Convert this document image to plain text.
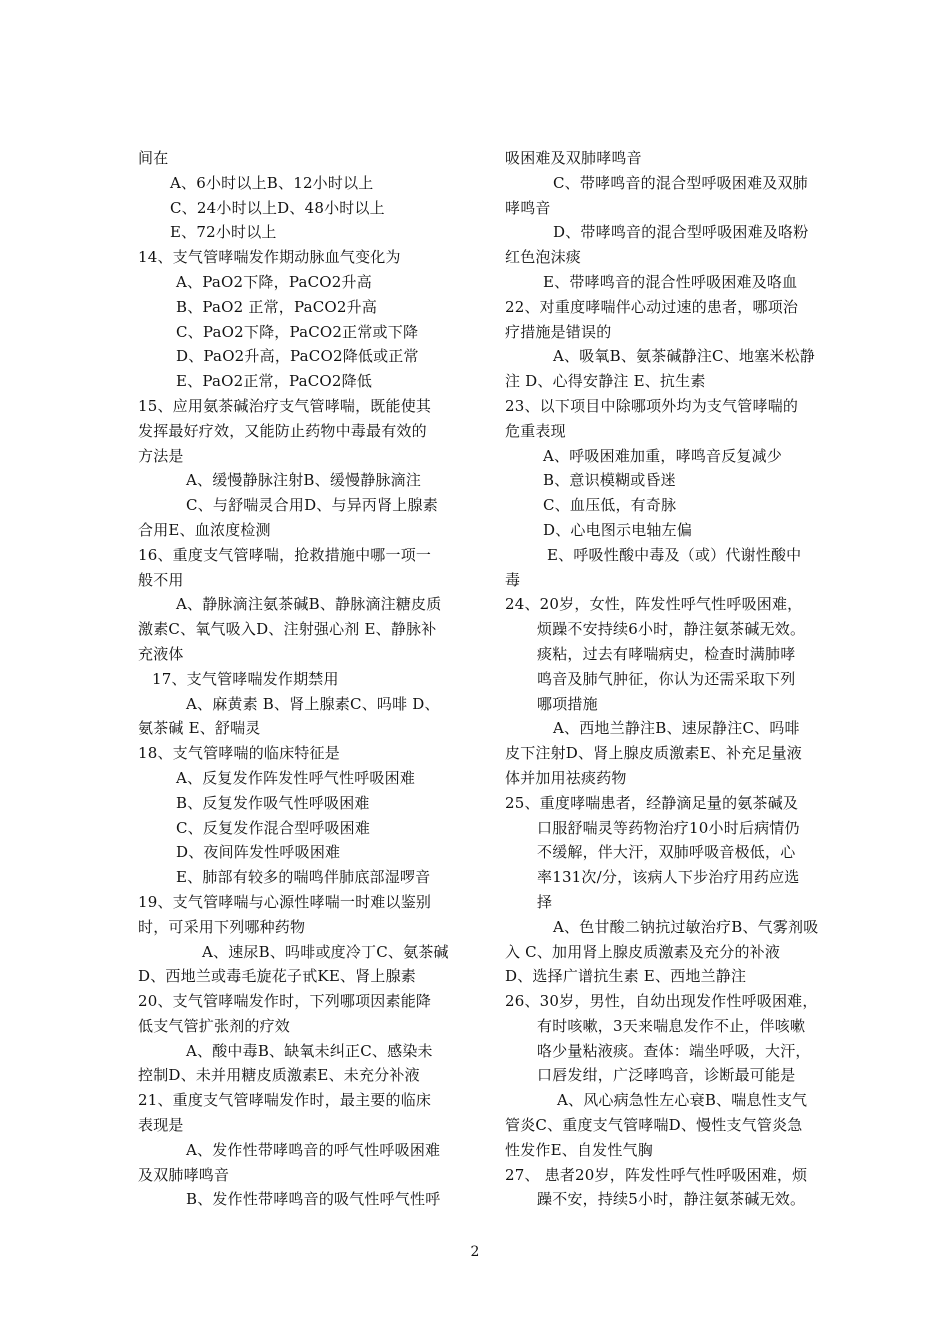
间在
A、6小时以上B、12小时以上
C、24小时以上D、48小时以上
E、72小时以上
14、支气管哮喘发作期动脉血气变化为
A、PaO2下降，PaCO2升高
B、PaO2 正常，PaCO2升高
C、PaO2下降，PaCO2正常或下降
D、PaO2升高，PaCO2降低或正常
E、PaO2正常，PaCO2降低
15、应用氨茶碱治疗支气管哮喘，既能使其
发挥最好疗效，又能防止药物中毒最有效的
方法是
A、缓慢静脉注射B、缓慢静脉滴注
C、与舒喘灵合用D、与异丙肾上腺素
合用E、血浓度检测
16、重度支气管哮喘，抢救措施中哪一项一
般不用
A、静脉滴注氨茶碱B、静脉滴注糖皮质
激素C、氧气吸入D、注射强心剂 E、静脉补
充液体
17、支气管哮喘发作期禁用
A、麻黄素 B、肾上腺素C、吗啡 D、
氨茶碱 E、舒喘灵
18、支气管哮喘的临床特征是
A、反复发作阵发性呼气性呼吸困难
B、反复发作吸气性呼吸困难
C、反复发作混合型呼吸困难
D、夜间阵发性呼吸困难
E、肺部有较多的喘鸣伴肺底部湿啰音
19、支气管哮喘与心源性哮喘一时难以鉴别
时，可采用下列哪种药物
A、速尿B、吗啡或度冷丁C、氨茶碱
D、西地兰或毒毛旋花子甙KE、肾上腺素
20、支气管哮喘发作时，下列哪项因素能降
低支气管扩张剂的疗效
A、酸中毒B、缺氧未纠正C、感染未
控制D、未并用糖皮质激素E、未充分补液
21、重度支气管哮喘发作时，最主要的临床
表现是
A、发作性带哮鸣音的呼气性呼吸困难
及双肺哮鸣音
B、发作性带哮鸣音的吸气性呼气性呼
吸困难及双肺哮鸣音
C、带哮鸣音的混合型呼吸困难及双肺
哮鸣音
D、带哮鸣音的混合型呼吸困难及咯粉
红色泡沫痰
E、带哮鸣音的混合性呼吸困难及咯血
22、对重度哮喘伴心动过速的患者，哪项治
疗措施是错误的
A、吸氧B、氨茶碱静注C、地塞米松静
注 D、心得安静注 E、抗生素
23、以下项目中除哪项外均为支气管哮喘的
危重表现
A、呼吸困难加重，哮鸣音反复减少
B、意识模糊或昏迷
C、血压低，有奇脉
D、心电图示电轴左偏
E、呼吸性酸中毒及（或）代谢性酸中
毒
24、20岁，女性，阵发性呼气性呼吸困难，
烦躁不安持续6小时，静注氨茶碱无效。
痰粘，过去有哮喘病史，检查时满肺哮
鸣音及肺气肿征，你认为还需采取下列
哪项措施
A、西地兰静注B、速尿静注C、吗啡
皮下注射D、肾上腺皮质激素E、补充足量液
体并加用祛痰药物
25、重度哮喘患者，经静滴足量的氨茶碱及
口服舒喘灵等药物治疗10小时后病情仍
不缓解，伴大汗，双肺呼吸音极低，心
率131次/分，该病人下步治疗用药应选
择
A、色甘酸二钠抗过敏治疗B、气雾剂吸
入 C、加用肾上腺皮质激素及充分的补液
D、选择广谱抗生素 E、西地兰静注
26、30岁，男性，自幼出现发作性呼吸困难，
有时咳嗽，3天来喘息发作不止，伴咳嗽
咯少量粘液痰。查体：端坐呼吸，大汗，
口唇发绀，广泛哮鸣音，诊断最可能是
A、风心病急性左心衰B、喘息性支气
管炎C、重度支气管哮喘D、慢性支气管炎急
性发作E、自发性气胸
27、 患者20岁，阵发性呼气性呼吸困难，烦
躁不安，持续5小时，静注氨茶碱无效。
2
